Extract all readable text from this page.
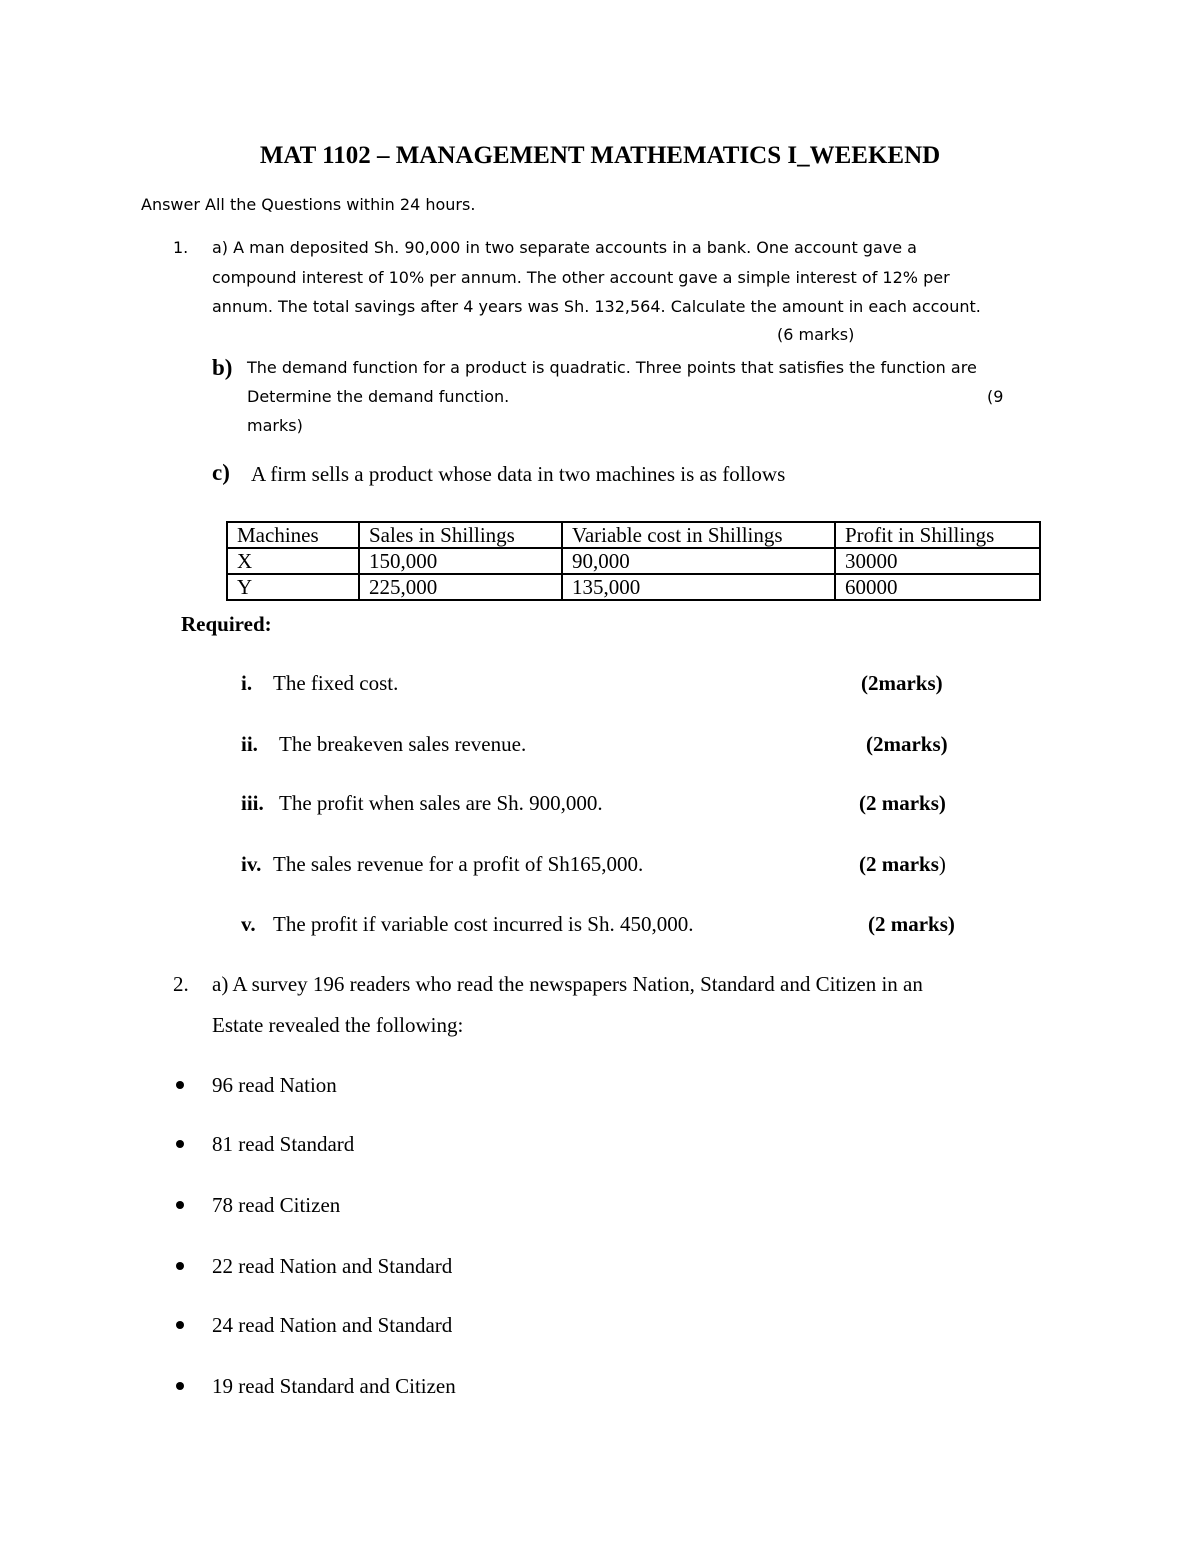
MAT 1102 – MANAGEMENT MATHEMATICS I_WEEKEND
Answer All the Questions within 24 hours.
1. a) A man deposited Sh. 90,000 in two separate accounts in a bank. One account gave a
compound interest of 10% per annum. The other account gave a simple interest of 12% per
annum. The total savings after 4 years was Sh. 132,564. Calculate the amount in each account.
(6 marks)
b) The demand function for a product is quadratic. Three points that satisfies the function are
Determine the demand function.	(9
marks)
c) A firm sells a product whose data in two machines is as follows
Machines	Sales in Shillings	Variable cost in Shillings	Profit in Shillings
X	150,000	90,000	30000
Y	225,000	135,000	60000
Required:
i. The fixed cost.	(2marks)
ii. The breakeven sales revenue.	(2marks)
iii. The profit when sales are Sh. 900,000.	(2 marks)
iv. The sales revenue for a profit of Sh165,000.	(2 marks)
v. The profit if variable cost incurred is Sh. 450,000.	(2 marks)
2. a) A survey 196 readers who read the newspapers Nation, Standard and Citizen in an
Estate revealed the following:
96 read Nation
81 read Standard
78 read Citizen
22 read Nation and Standard
24 read Nation and Standard
19 read Standard and Citizen
